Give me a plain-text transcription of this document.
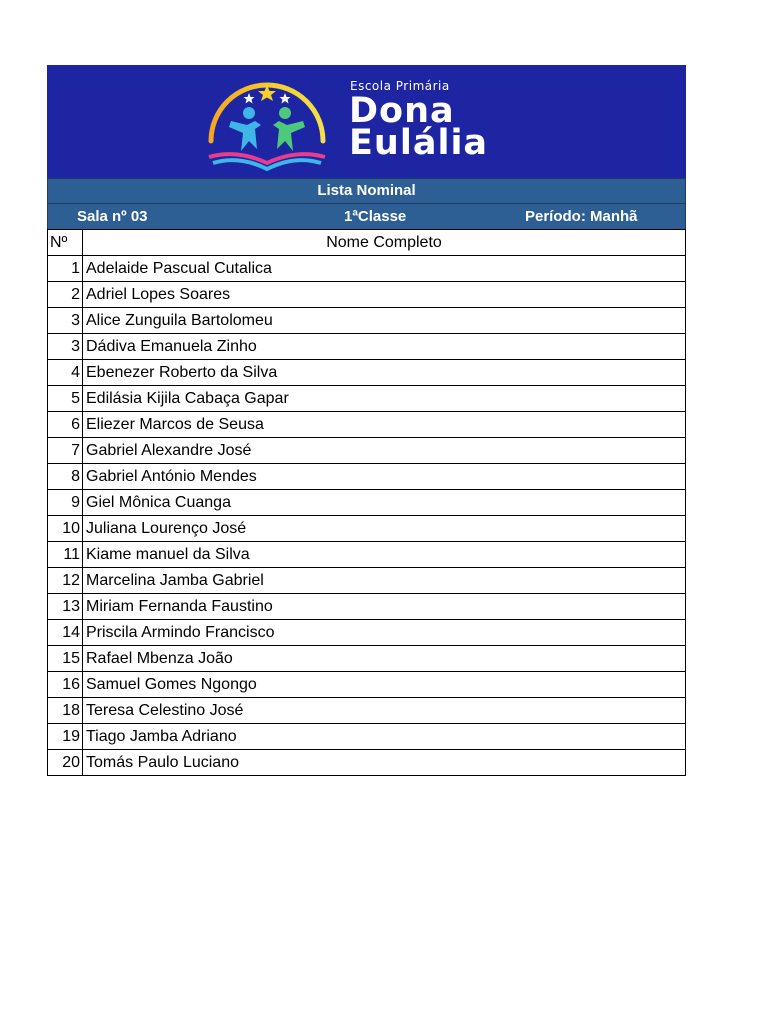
Escola Primária
Dona Eulália
Lista Nominal
Sala nº 03	1ªClasse	Período: Manhã
Nº	Nome Completo
1	Adelaide Pascual Cutalica
2	Adriel Lopes Soares
3	Alice Zunguila Bartolomeu
3	Dádiva Emanuela Zinho
4	Ebenezer Roberto da Silva
5	Edilásia Kijila Cabaça Gapar
6	Eliezer Marcos de Seusa
7	Gabriel Alexandre José
8	Gabriel António Mendes
9	Giel Mônica Cuanga
10	Juliana Lourenço José
11	Kiame manuel da Silva
12	Marcelina Jamba Gabriel
13	Miriam Fernanda Faustino
14	Priscila Armindo Francisco
15	Rafael Mbenza João
16	Samuel Gomes Ngongo
18	Teresa Celestino José
19	Tiago Jamba Adriano
20	Tomás Paulo Luciano
